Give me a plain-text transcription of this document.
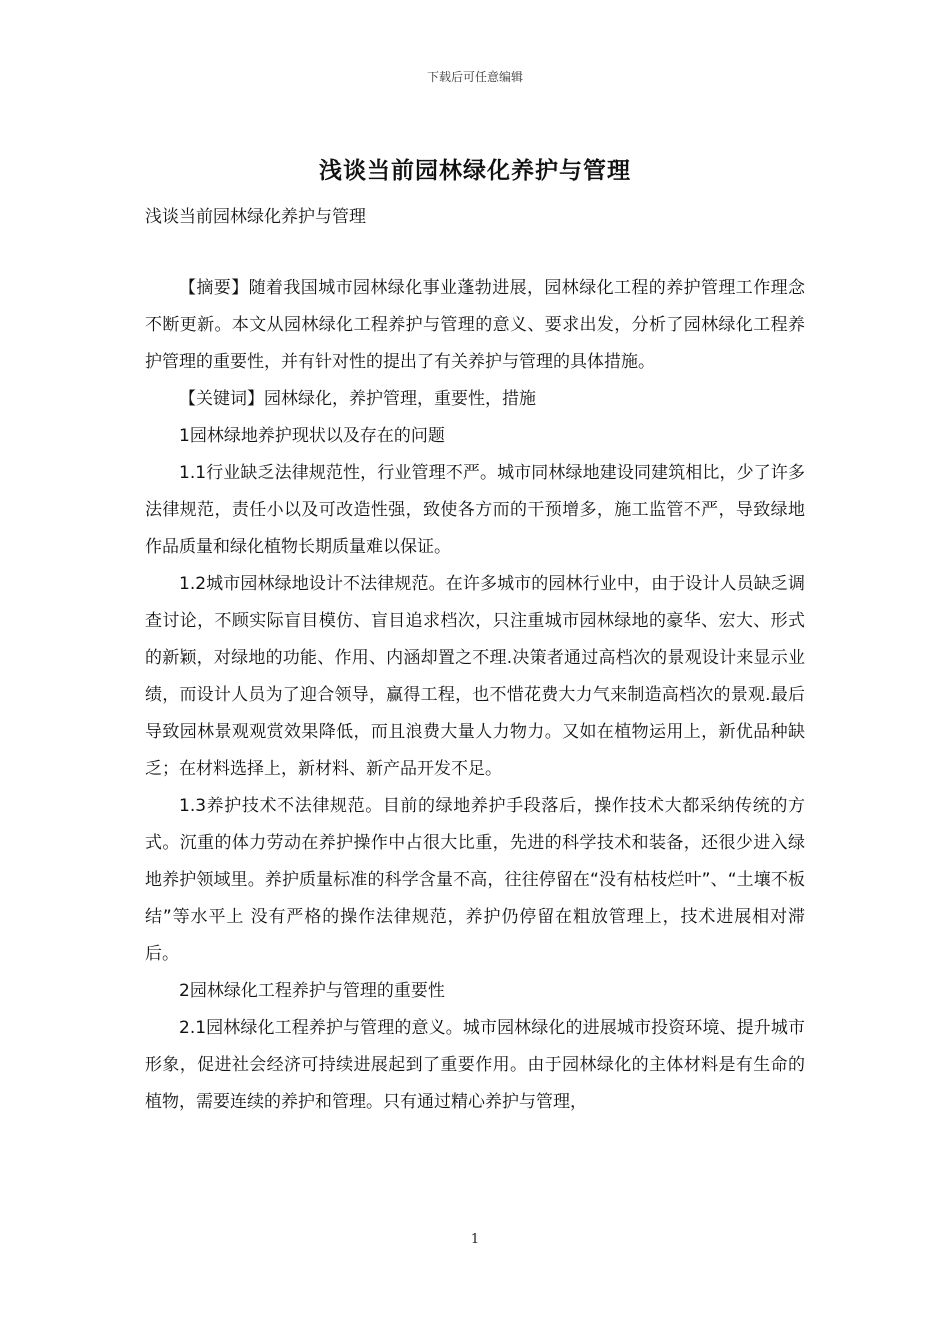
下载后可任意编辑
浅谈当前园林绿化养护与管理
浅谈当前园林绿化养护与管理

【摘要】随着我国城市园林绿化事业蓬勃进展，园林绿化工程的养护管理工作理念不断更新。本文从园林绿化工程养护与管理的意义、要求出发，分析了园林绿化工程养护管理的重要性，并有针对性的提出了有关养护与管理的具体措施。

【关键词】园林绿化，养护管理，重要性，措施

1园林绿地养护现状以及存在的问题

1.1行业缺乏法律规范性，行业管理不严。城市同林绿地建设同建筑相比，少了许多法律规范，责任小以及可改造性强，致使各方而的干预增多，施工监管不严，导致绿地作品质量和绿化植物长期质量难以保证。

1.2城市园林绿地设计不法律规范。在许多城市的园林行业中，由于设计人员缺乏调查讨论，不顾实际盲目模仿、盲目追求档次，只注重城市园林绿地的豪华、宏大、形式的新颖，对绿地的功能、作用、内涵却置之不理.决策者通过高档次的景观设计来显示业绩，而设计人员为了迎合领导，赢得工程，也不惜花费大力气来制造高档次的景观.最后导致园林景观观赏效果降低，而且浪费大量人力物力。又如在植物运用上，新优品种缺乏；在材料选择上，新材料、新产品开发不足。

1.3养护技术不法律规范。目前的绿地养护手段落后，操作技术大都采纳传统的方式。沉重的体力劳动在养护操作中占很大比重，先进的科学技术和装备，还很少进入绿地养护领域里。养护质量标准的科学含量不高，往往停留在“没有枯枝烂叶”、“土壤不板结”等水平上 没有严格的操作法律规范，养护仍停留在粗放管理上，技术进展相对滞后。

2园林绿化工程养护与管理的重要性

2.1园林绿化工程养护与管理的意义。城市园林绿化的进展城市投资环境、提升城市形象，促进社会经济可持续进展起到了重要作用。由于园林绿化的主体材料是有生命的植物，需要连续的养护和管理。只有通过精心养护与管理，

1
